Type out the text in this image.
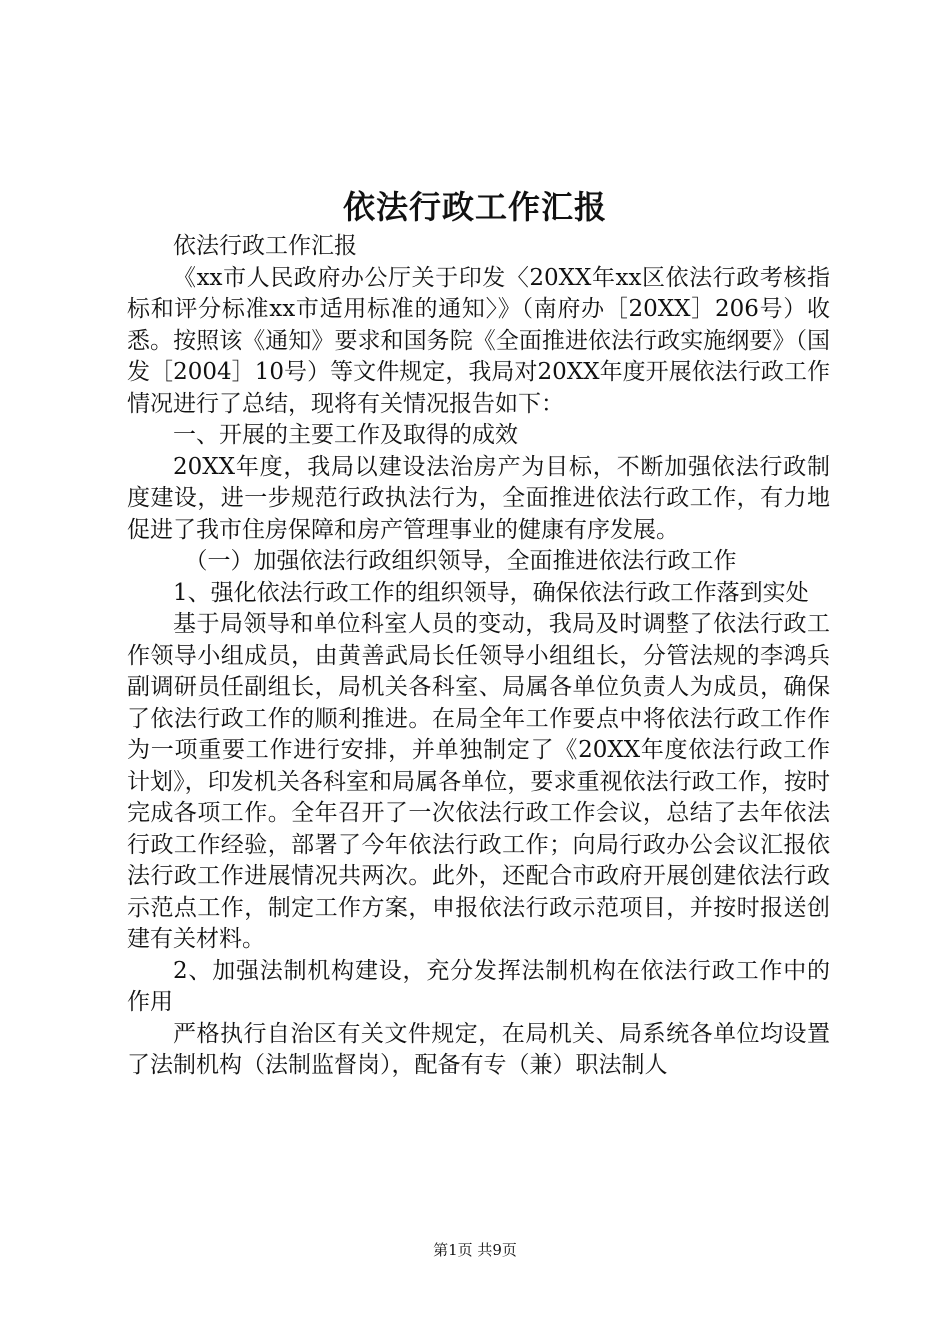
依法行政工作汇报

依法行政工作汇报

《xx市人民政府办公厅关于印发〈20XX年xx区依法行政考核指标和评分标准xx市适用标准的通知〉》（南府办［20XX］206号）收悉。按照该《通知》要求和国务院《全面推进依法行政实施纲要》（国发［2004］10号）等文件规定，我局对20XX年度开展依法行政工作情况进行了总结，现将有关情况报告如下：

一、开展的主要工作及取得的成效

20XX年度，我局以建设法治房产为目标，不断加强依法行政制度建设，进一步规范行政执法行为，全面推进依法行政工作，有力地促进了我市住房保障和房产管理事业的健康有序发展。

（一）加强依法行政组织领导，全面推进依法行政工作

1、强化依法行政工作的组织领导，确保依法行政工作落到实处

基于局领导和单位科室人员的变动，我局及时调整了依法行政工作领导小组成员，由黄善武局长任领导小组组长，分管法规的李鸿兵副调研员任副组长，局机关各科室、局属各单位负责人为成员，确保了依法行政工作的顺利推进。在局全年工作要点中将依法行政工作作为一项重要工作进行安排，并单独制定了《20XX年度依法行政工作计划》，印发机关各科室和局属各单位，要求重视依法行政工作，按时完成各项工作。全年召开了一次依法行政工作会议，总结了去年依法行政工作经验，部署了今年依法行政工作；向局行政办公会议汇报依法行政工作进展情况共两次。此外，还配合市政府开展创建依法行政示范点工作，制定工作方案，申报依法行政示范项目，并按时报送创建有关材料。

2、加强法制机构建设，充分发挥法制机构在依法行政工作中的作用

严格执行自治区有关文件规定，在局机关、局系统各单位均设置了法制机构（法制监督岗），配备有专（兼）职法制人

第1页 共9页
